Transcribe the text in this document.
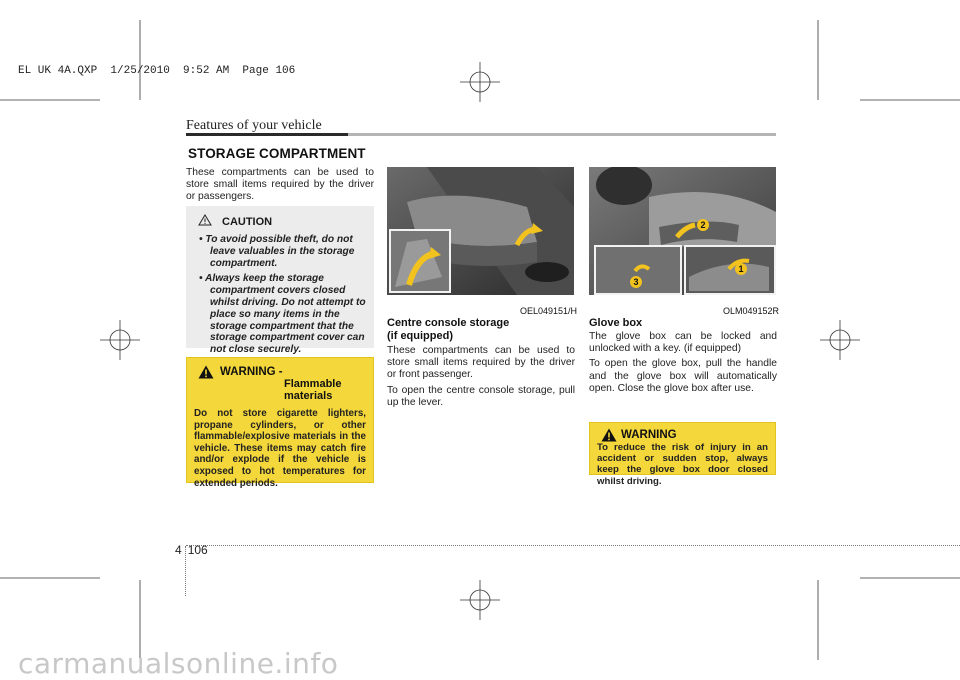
EL UK 4A.QXP  1/25/2010  9:52 AM  Page 106
Features of your vehicle
STORAGE COMPARTMENT

These compartments can be used to store small items required by the driver or passengers.

CAUTION
• To avoid possible theft, do not leave valuables in the storage compartment.
• Always keep the storage compartment covers closed whilst driving. Do not attempt to place so many items in the storage compartment that the storage compartment cover can not close securely.
WARNING -
Flammable materials

Do not store cigarette lighters, propane cylinders, or other flammable/explosive materials in the vehicle. These items may catch fire and/or explode if the vehicle is exposed to hot temperatures for extended periods.

OEL049151/H
Centre console storage
(if equipped)

These compartments can be used to store small items required by the driver or front passenger.

To open the centre console storage, pull up the lever.

2
3
1
OLM049152R
Glove box

The glove box can be locked and unlocked with a key. (if equipped)

To open the glove box, pull the handle and the glove box will automatically open. Close the glove box after use.

WARNING

To reduce the risk of injury in an accident or sudden stop, always keep the glove box door closed whilst driving.

4 106
carmanualsonline.info
